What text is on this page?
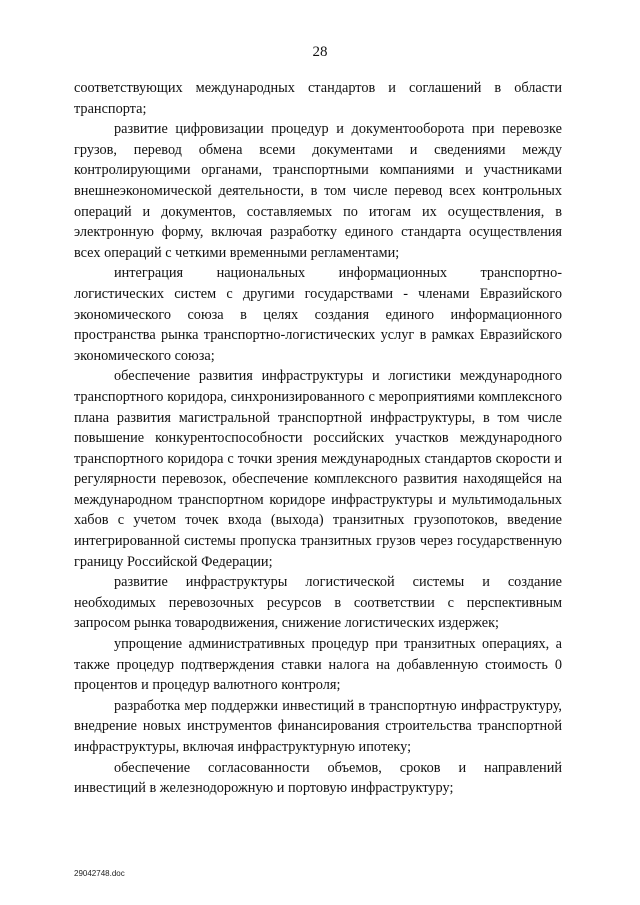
28

соответствующих международных стандартов и соглашений в области транспорта;

развитие цифровизации процедур и документооборота при перевозке грузов, перевод обмена всеми документами и сведениями между контролирующими органами, транспортными компаниями и участниками внешнеэкономической деятельности, в том числе перевод всех контрольных операций и документов, составляемых по итогам их осуществления, в электронную форму, включая разработку единого стандарта осуществления всех операций с четкими временными регламентами;

интеграция национальных информационных транспортно-логистических систем с другими государствами - членами Евразийского экономического союза в целях создания единого информационного пространства рынка транспортно-логистических услуг в рамках Евразийского экономического союза;

обеспечение развития инфраструктуры и логистики международного транспортного коридора, синхронизированного с мероприятиями комплексного плана развития магистральной транспортной инфраструктуры, в том числе повышение конкурентоспособности российских участков международного транспортного коридора с точки зрения международных стандартов скорости и регулярности перевозок, обеспечение комплексного развития находящейся на международном транспортном коридоре инфраструктуры и мультимодальных хабов с учетом точек входа (выхода) транзитных грузопотоков, введение интегрированной системы пропуска транзитных грузов через государственную границу Российской Федерации;

развитие инфраструктуры логистической системы и создание необходимых перевозочных ресурсов в соответствии с перспективным запросом рынка товародвижения, снижение логистических издержек;

упрощение административных процедур при транзитных операциях, а также процедур подтверждения ставки налога на добавленную стоимость 0 процентов и процедур валютного контроля;

разработка мер поддержки инвестиций в транспортную инфраструктуру, внедрение новых инструментов финансирования строительства транспортной инфраструктуры, включая инфраструктурную ипотеку;

обеспечение согласованности объемов, сроков и направлений инвестиций в железнодорожную и портовую инфраструктуру;

29042748.doc
